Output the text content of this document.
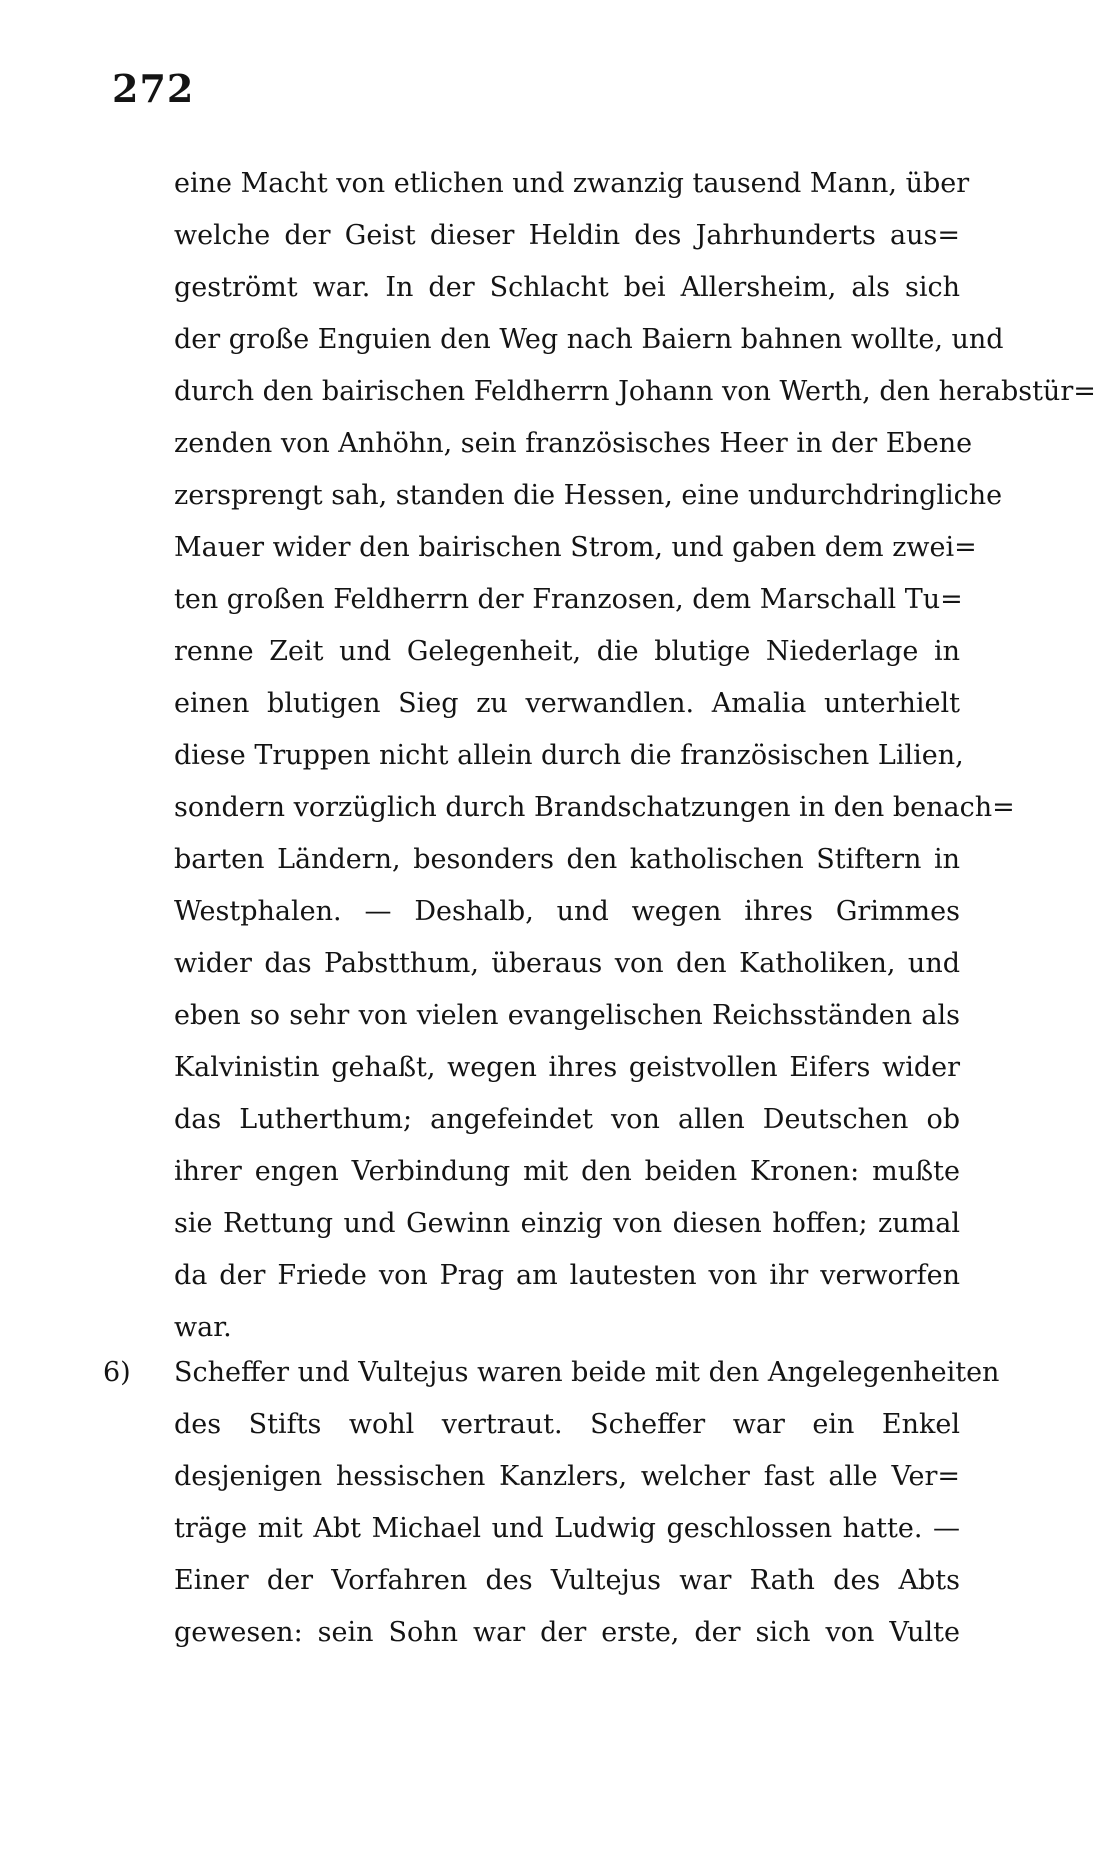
272
eine Macht von etlichen und zwanzig tausend Mann, über
welche der Geist dieser Heldin des Jahrhunderts aus=
geströmt war. In der Schlacht bei Allersheim, als sich
der große Enguien den Weg nach Baiern bahnen wollte, und
durch den bairischen Feldherrn Johann von Werth, den herabstür=
zenden von Anhöhn, sein französisches Heer in der Ebene
zersprengt sah, standen die Hessen, eine undurchdringliche
Mauer wider den bairischen Strom, und gaben dem zwei=
ten großen Feldherrn der Franzosen, dem Marschall Tu=
renne Zeit und Gelegenheit, die blutige Niederlage in
einen blutigen Sieg zu verwandlen. Amalia unterhielt
diese Truppen nicht allein durch die französischen Lilien,
sondern vorzüglich durch Brandschatzungen in den benach=
barten Ländern, besonders den katholischen Stiftern in
Westphalen. — Deshalb, und wegen ihres Grimmes
wider das Pabstthum, überaus von den Katholiken, und
eben so sehr von vielen evangelischen Reichsständen als
Kalvinistin gehaßt, wegen ihres geistvollen Eifers wider
das Lutherthum; angefeindet von allen Deutschen ob
ihrer engen Verbindung mit den beiden Kronen: mußte
sie Rettung und Gewinn einzig von diesen hoffen; zumal
da der Friede von Prag am lautesten von ihr verworfen
war.
6) Scheffer und Vultejus waren beide mit den Angelegenheiten
des Stifts wohl vertraut. Scheffer war ein Enkel
desjenigen hessischen Kanzlers, welcher fast alle Ver=
träge mit Abt Michael und Ludwig geschlossen hatte. —
Einer der Vorfahren des Vultejus war Rath des Abts
gewesen: sein Sohn war der erste, der sich von Vulte
